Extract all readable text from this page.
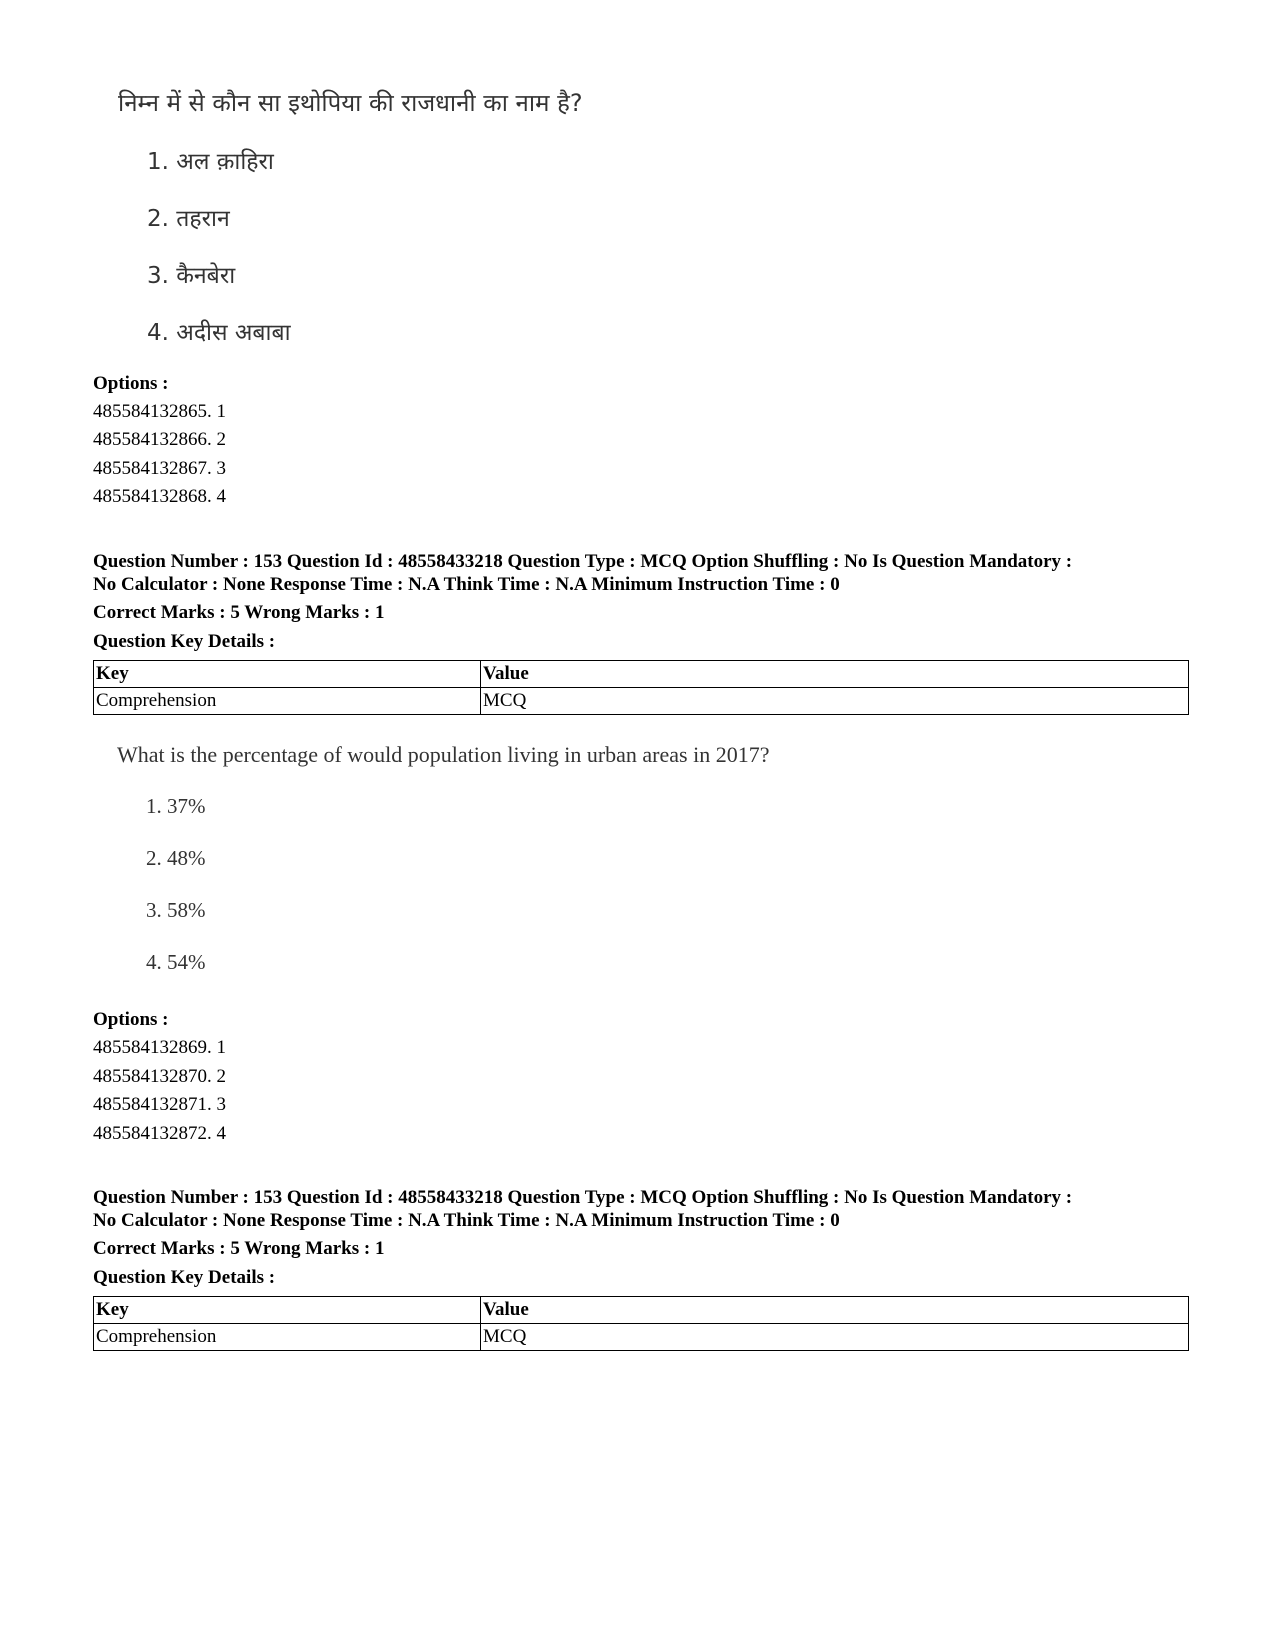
निम्न में से कौन सा इथोपिया की राजधानी का नाम है?
1. अल क़ाहिरा
2. तहरान
3. कैनबेरा
4. अदीस अबाबा
Options :
485584132865. 1
485584132866. 2
485584132867. 3
485584132868. 4
Question Number : 153 Question Id : 48558433218 Question Type : MCQ Option Shuffling : No Is Question Mandatory :
No Calculator : None Response Time : N.A Think Time : N.A Minimum Instruction Time : 0
Correct Marks : 5 Wrong Marks : 1
Question Key Details :
Key	Value
Comprehension	MCQ
What is the percentage of would population living in urban areas in 2017?
1. 37%
2. 48%
3. 58%
4. 54%
Options :
485584132869. 1
485584132870. 2
485584132871. 3
485584132872. 4
Question Number : 153 Question Id : 48558433218 Question Type : MCQ Option Shuffling : No Is Question Mandatory :
No Calculator : None Response Time : N.A Think Time : N.A Minimum Instruction Time : 0
Correct Marks : 5 Wrong Marks : 1
Question Key Details :
Key	Value
Comprehension	MCQ
